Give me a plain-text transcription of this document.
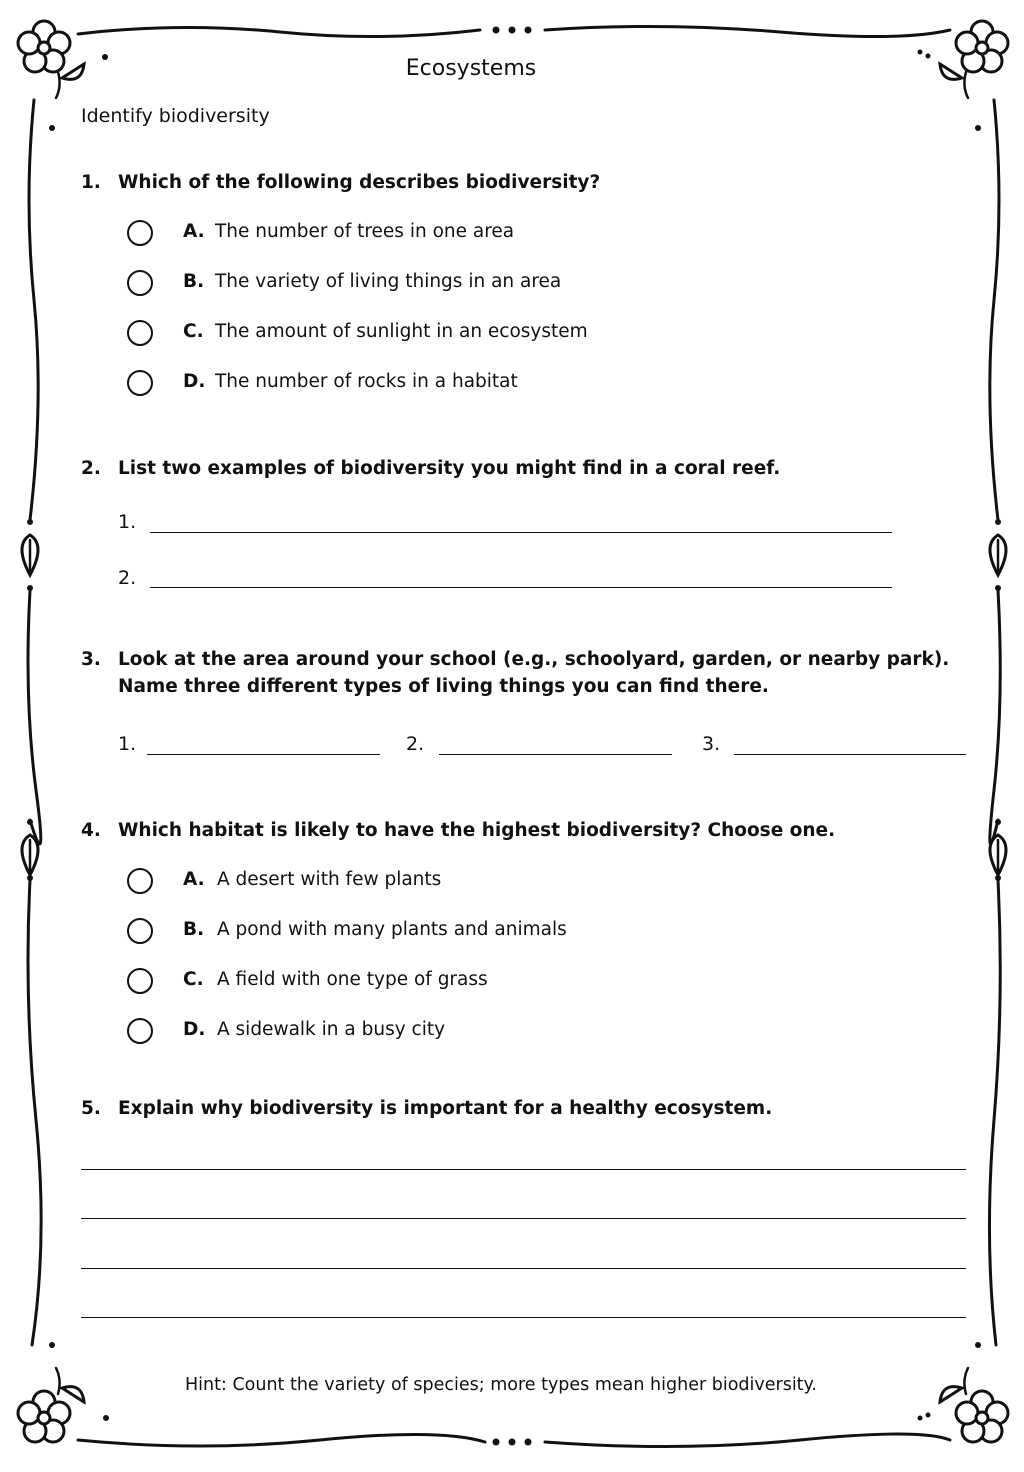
Ecosystems
Identify biodiversity
1. Which of the following describes biodiversity?
A. The number of trees in one area
B. The variety of living things in an area
C. The amount of sunlight in an ecosystem
D. The number of rocks in a habitat
2. List two examples of biodiversity you might find in a coral reef.
1.
2.
3. Look at the area around your school (e.g., schoolyard, garden, or nearby park).
Name three different types of living things you can find there.
1.	2.	3.
4. Which habitat is likely to have the highest biodiversity? Choose one.
A. A desert with few plants
B. A pond with many plants and animals
C. A field with one type of grass
D. A sidewalk in a busy city
5. Explain why biodiversity is important for a healthy ecosystem.
Hint: Count the variety of species; more types mean higher biodiversity.
